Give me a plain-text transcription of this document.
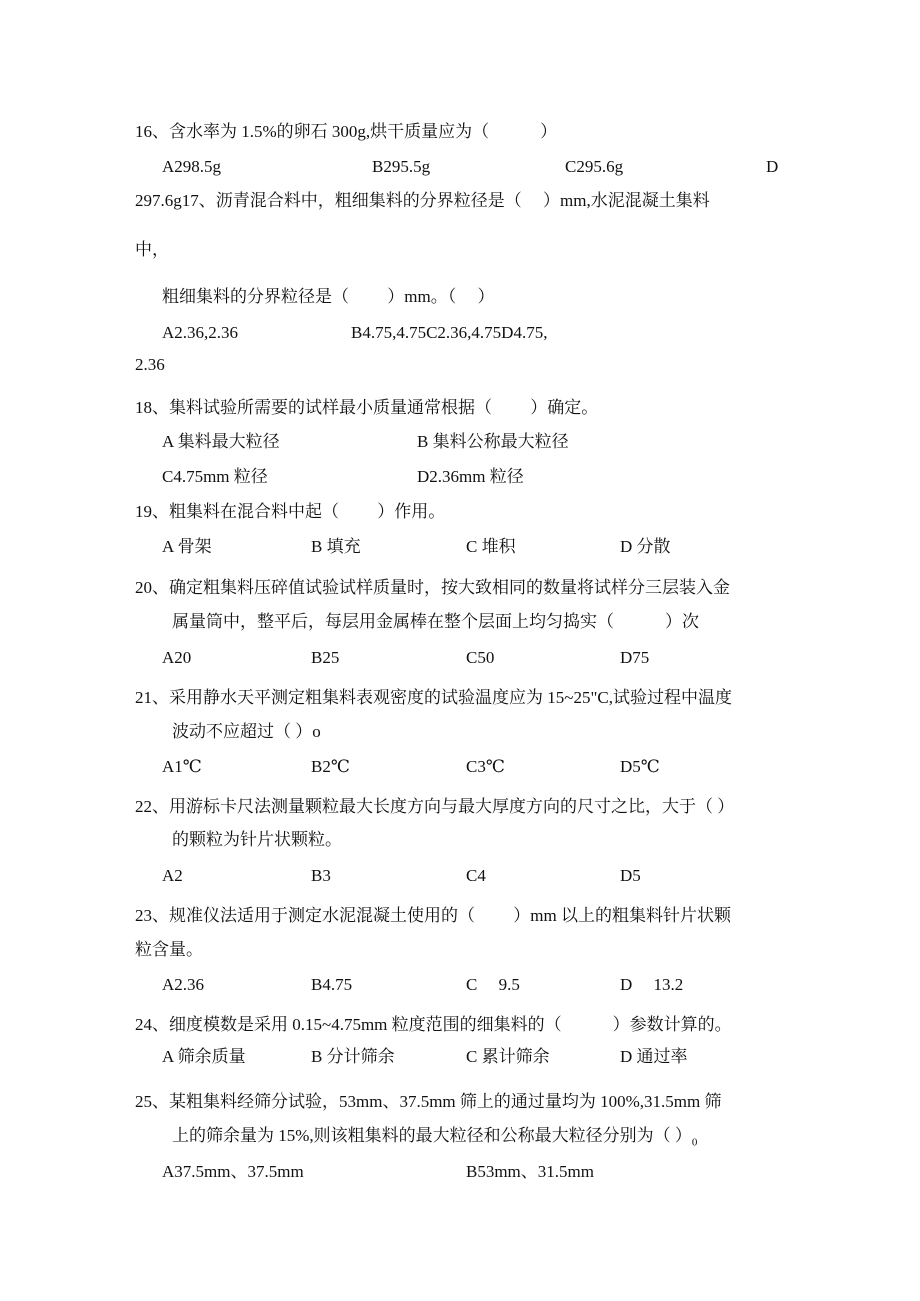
16、含水率为 1.5%的卵石 300g,烘干质量应为（　　　）
A298.5g	B295.5g	C295.6g	D
297.6g17、沥青混合料中，粗细集料的分界粒径是（　 ）mm,水泥混凝土集料
中，
粗细集料的分界粒径是（　　 ）mm。（　 ）
A2.36,2.36	B4.75,4.75C2.36,4.75D4.75,
2.36
18、集料试验所需要的试样最小质量通常根据（　　 ）确定。
A 集料最大粒径	B 集料公称最大粒径
C4.75mm 粒径	D2.36mm 粒径
19、粗集料在混合料中起（　　 ）作用。
A 骨架	B 填充	C 堆积	D 分散
20、确定粗集料压碎值试验试样质量时，按大致相同的数量将试样分三层装入金
属量筒中，整平后，每层用金属棒在整个层面上均匀捣实（　　　）次
A20	B25	C50	D75
21、采用静水天平测定粗集料表观密度的试验温度应为 15~25"C,试验过程中温度
波动不应超过（ ）o
A1℃	B2℃	C3℃	D5℃
22、用游标卡尺法测量颗粒最大长度方向与最大厚度方向的尺寸之比，大于（ ）
的颗粒为针片状颗粒。
A2	B3	C4	D5
23、规准仪法适用于测定水泥混凝土使用的（　　 ）mm 以上的粗集料针片状颗
粒含量。
A2.36	B4.75	C　 9.5	D　 13.2
24、细度模数是采用 0.15~4.75mm 粒度范围的细集料的（　　　）参数计算的。
A 筛余质量	B 分计筛余	C 累计筛余	D 通过率
25、某粗集料经筛分试验，53mm、37.5mm 筛上的通过量均为 100%,31.5mm 筛
上的筛余量为 15%,则该粗集料的最大粒径和公称最大粒径分别为（ ）$_0$
A37.5mm、37.5mm	B53mm、31.5mm
